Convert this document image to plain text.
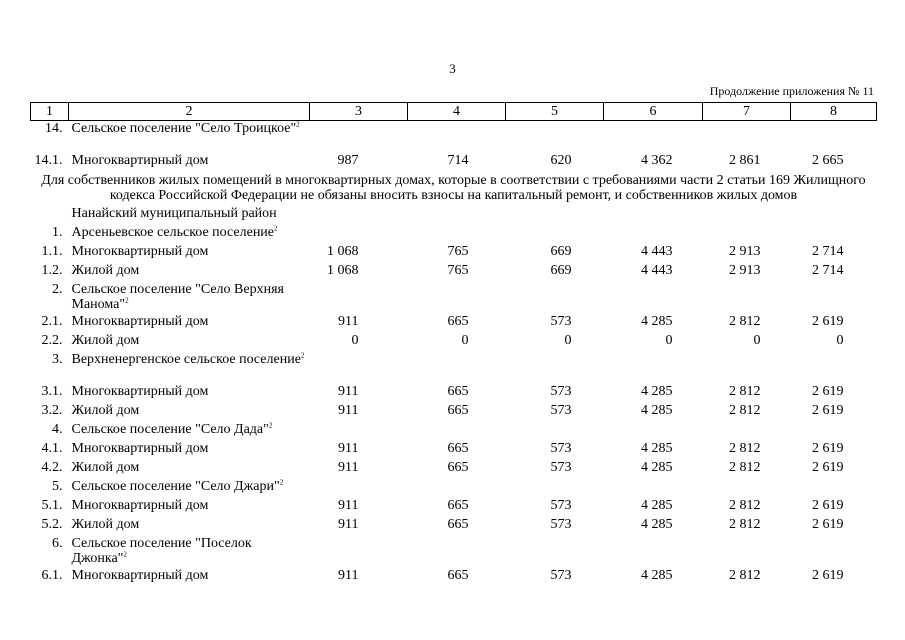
3
Продолжение приложения № 11
1	2	3	4	5	6	7	8
14.	Сельское поселение "Село Троицкое"$^2$						
14.1.	Многоквартирный дом	987	714	620	4 362	2 861	2 665
Для собственников жилых помещений в многоквартирных домах, которые в соответствии с требованиями части 2 статьи 169 Жилищного кодекса Российской Федерации не обязаны вносить взносы на капитальный ремонт, и собственников жилых домов							
	Нанайский муниципальный район						
1.	Арсеньевское сельское поселение$^2$						
1.1.	Многоквартирный дом	1 068	765	669	4 443	2 913	2 714
1.2.	Жилой дом	1 068	765	669	4 443	2 913	2 714
2.	Сельское поселение "Село Верхняя Манома"$^2$						
2.1.	Многоквартирный дом	911	665	573	4 285	2 812	2 619
2.2.	Жилой дом	0	0	0	0	0	0
3.	Верхненергенское сельское поселение$^2$						
3.1.	Многоквартирный дом	911	665	573	4 285	2 812	2 619
3.2.	Жилой дом	911	665	573	4 285	2 812	2 619
4.	Сельское поселение "Село Дада"$^2$						
4.1.	Многоквартирный дом	911	665	573	4 285	2 812	2 619
4.2.	Жилой дом	911	665	573	4 285	2 812	2 619
5.	Сельское поселение "Село Джари"$^2$						
5.1.	Многоквартирный дом	911	665	573	4 285	2 812	2 619
5.2.	Жилой дом	911	665	573	4 285	2 812	2 619
6.	Сельское поселение "Поселок Джонка"$^2$						
6.1.	Многоквартирный дом	911	665	573	4 285	2 812	2 619
